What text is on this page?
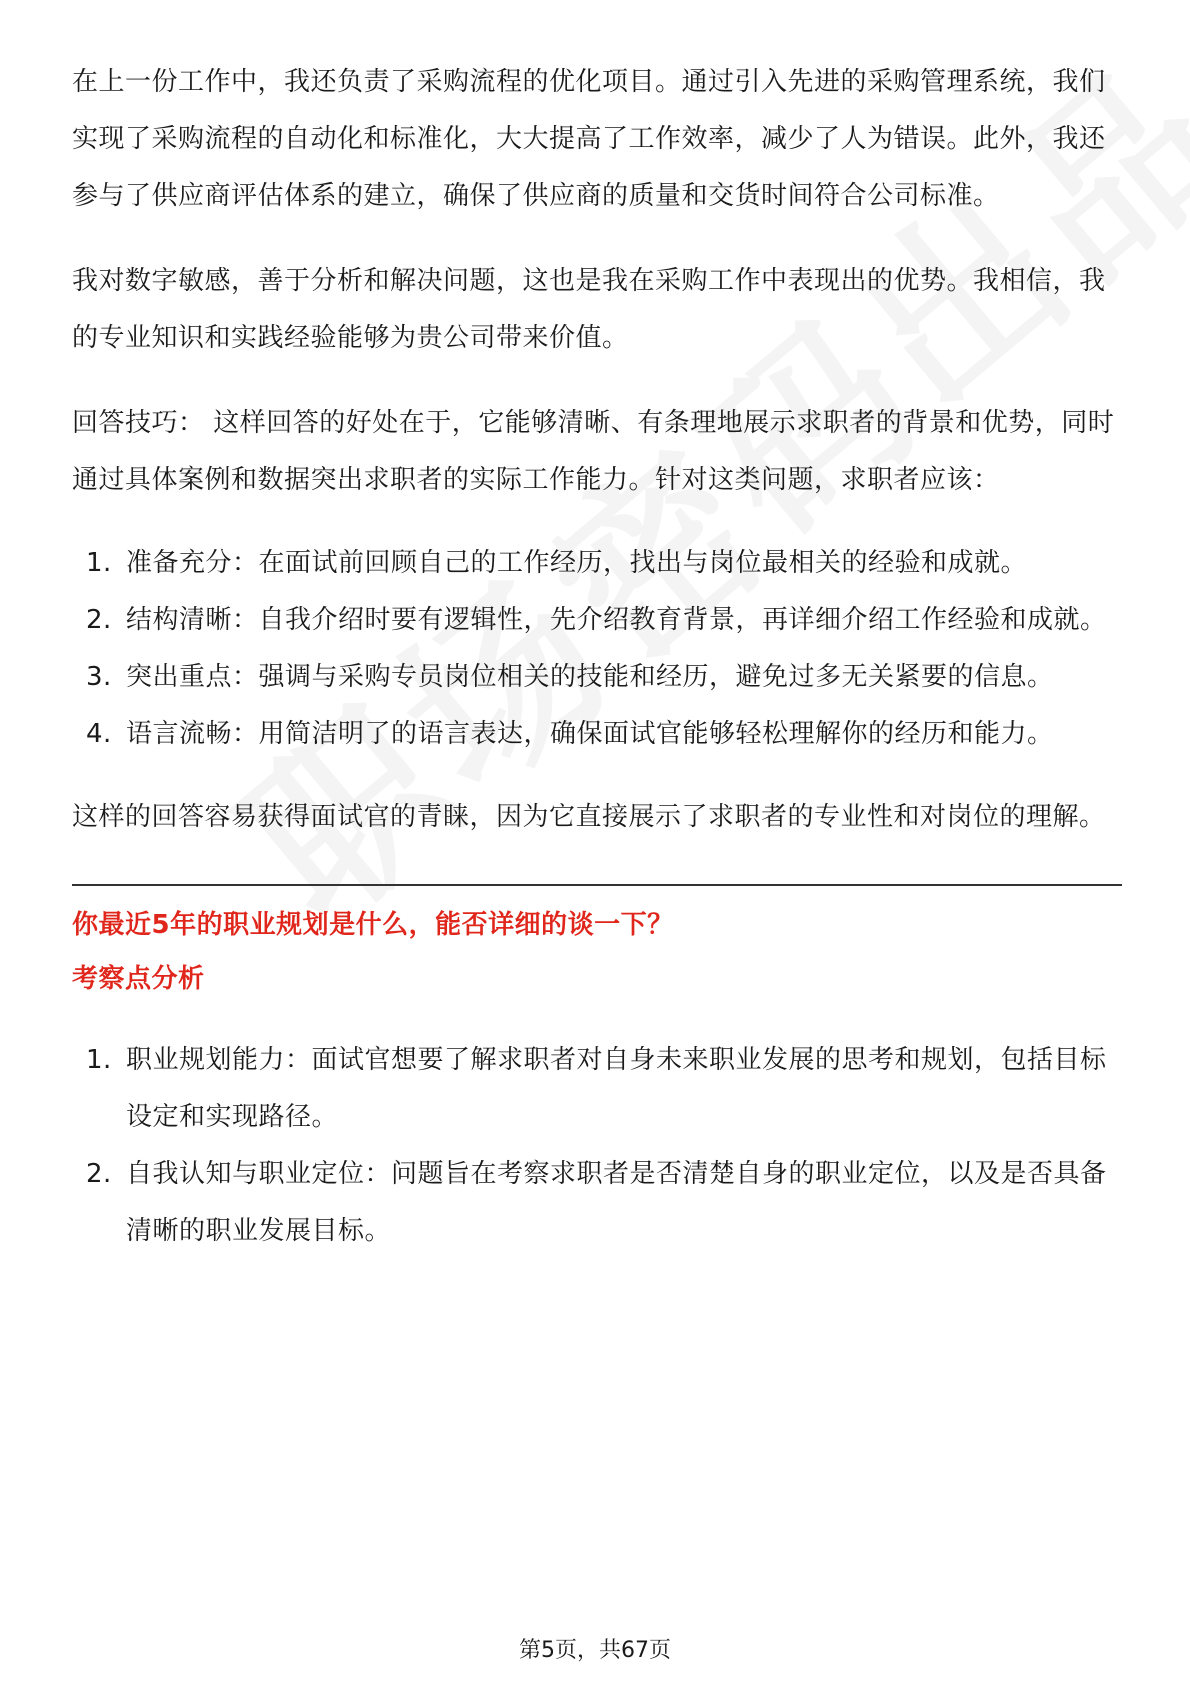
在上一份工作中，我还负责了采购流程的优化项目。通过引入先进的采购管理系统，我们实现了采购流程的自动化和标准化，大大提高了工作效率，减少了人为错误。此外，我还参与了供应商评估体系的建立，确保了供应商的质量和交货时间符合公司标准。

我对数字敏感，善于分析和解决问题，这也是我在采购工作中表现出的优势。我相信，我的专业知识和实践经验能够为贵公司带来价值。

回答技巧： 这样回答的好处在于，它能够清晰、有条理地展示求职者的背景和优势，同时通过具体案例和数据突出求职者的实际工作能力。针对这类问题，求职者应该：

1. 准备充分：在面试前回顾自己的工作经历，找出与岗位最相关的经验和成就。
2. 结构清晰：自我介绍时要有逻辑性，先介绍教育背景，再详细介绍工作经验和成就。
3. 突出重点：强调与采购专员岗位相关的技能和经历，避免过多无关紧要的信息。
4. 语言流畅：用简洁明了的语言表达，确保面试官能够轻松理解你的经历和能力。

这样的回答容易获得面试官的青睐，因为它直接展示了求职者的专业性和对岗位的理解。

你最近5年的职业规划是什么，能否详细的谈一下？

考察点分析

1. 职业规划能力：面试官想要了解求职者对自身未来职业发展的思考和规划，包括目标设定和实现路径。
2. 自我认知与职业定位：问题旨在考察求职者是否清楚自身的职业定位，以及是否具备清晰的职业发展目标。
第5页，共67页
